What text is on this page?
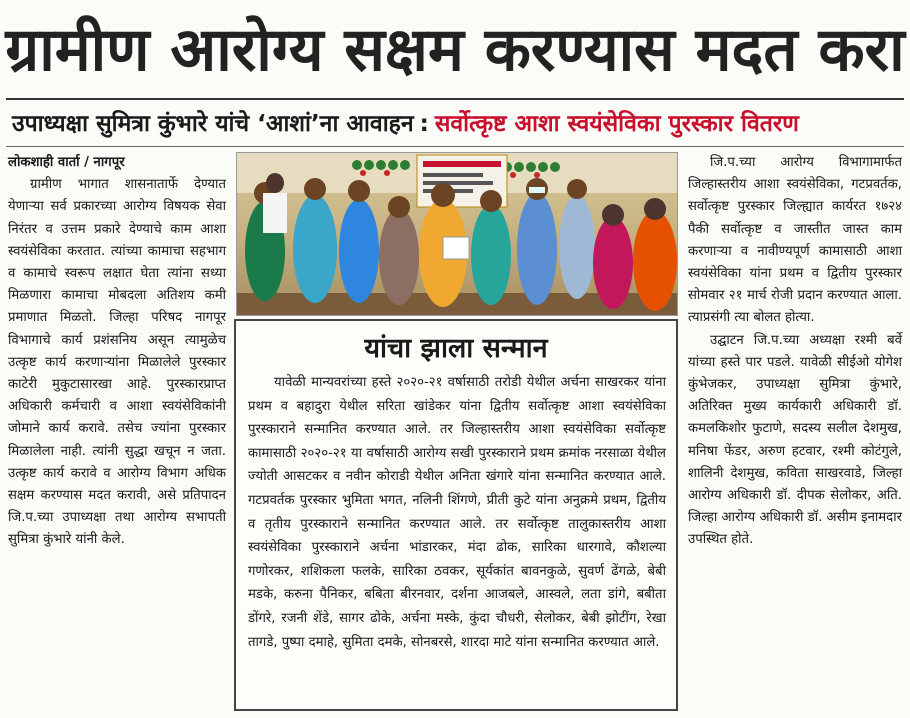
ग्रामीण आरोग्य सक्षम करण्यास मदत करा
उपाध्यक्षा सुमित्रा कुंभारे यांचे ‘आशां’ना आवाहन : सर्वोत्कृष्ट आशा स्वयंसेविका पुरस्कार वितरण

लोकशाही वार्ता / नागपूर

ग्रामीण भागात शासनातार्फे देण्यात येणाऱ्या सर्व प्रकारच्या आरोग्य विषयक सेवा निरंतर व उत्तम प्रकारे देण्याचे काम आशा स्वयंसेविका करतात. त्यांच्या कामाचा सहभाग व कामाचे स्वरूप लक्षात घेता त्यांना सध्या मिळणारा कामाचा मोबदला अतिशय कमी प्रमाणात मिळतो. जिल्हा परिषद नागपूर विभागाचे कार्य प्रशंसनिय असून त्यामुळेच उत्कृष्ट कार्य करणाऱ्यांना मिळालेले पुरस्कार काटेरी मुकुटासारखा आहे. पुरस्कारप्राप्त अधिकारी कर्मचारी व आशा स्वयंसेविकांनी जोमाने कार्य करावे. तसेच ज्यांना पुरस्कार मिळालेला नाही. त्यांनी सुद्धा खचून न जता. उत्कृष्ट कार्य करावे व आरोग्य विभाग अधिक सक्षम करण्यास मदत करावी, असे प्रतिपादन जि.प.च्या उपाध्यक्षा तथा आरोग्य सभापती सुमित्रा कुंभारे यांनी केले.

यांचा झाला सन्मान

यावेळी मान्यवरांच्या हस्ते २०२०-२१ वर्षासाठी तरोडी येथील अर्चना साखरकर यांना प्रथम व बहादुरा येथील सरिता खांडेकर यांना द्वितीय सर्वोत्कृष्ट आशा स्वयंसेविका पुरस्काराने सन्मानित करण्यात आले. तर जिल्हास्तरीय आशा स्वयंसेविका सर्वोत्कृष्ट कामासाठी २०२०-२१ या वर्षासाठी आरोग्य सखी पुरस्काराने प्रथम क्रमांक नरसाळा येथील ज्योती आसटकर व नवीन कोराडी येथील अनिता खंगारे यांना सन्मानित करण्यात आले. गटप्रवर्तक पुरस्कार भुमिता भगत, नलिनी शिंगणे, प्रीती कुटे यांना अनुक्रमे प्रथम, द्वितीय व तृतीय पुरस्काराने सन्मानित करण्यात आले. तर सर्वोत्कृष्ट तालुकास्तरीय आशा स्वयंसेविका पुरस्काराने अर्चना भांडारकर, मंदा ढोक, सारिका धारगावे, कौशल्या गणोरकर, शशिकला फलके, सारिका ठवकर, सूर्यकांत बावनकुळे, सुवर्ण ढेंगळे, बेबी मडके, करुना पैनिकर, बबिता बीरनवार, दर्शना आजबले, आस्वले, लता डांगे, बबीता डोंगरे, रजनी शेंडे, सागर ढोके, अर्चना मस्के, कुंदा चौधरी, सेलोकर, बेबी झोटींग, रेखा तागडे, पुष्पा दमाहे, सुमिता दमके, सोनबरसे, शारदा माटे यांना सन्मानित करण्यात आले.

जि.प.च्या आरोग्य विभागामार्फत जिल्हास्तरीय आशा स्वयंसेविका, गटप्रवर्तक, सर्वोत्कृष्ट पुरस्कार जिल्ह्यात कार्यरत १७२४ पैकी सर्वोत्कृष्ट व जास्तीत जास्त काम करणाऱ्या व नावीण्यपूर्ण कामासाठी आशा स्वयंसेविका यांना प्रथम व द्वितीय पुरस्कार सोमवार २१ मार्च रोजी प्रदान करण्यात आला. त्याप्रसंगी त्या बोलत होत्या.

उद्घाटन जि.प.च्या अध्यक्षा रश्मी बर्वे यांच्या हस्ते पार पडले. यावेळी सीईओ योगेश कुंभेजकर, उपाध्यक्षा सुमित्रा कुंभारे, अतिरिक्त मुख्य कार्यकारी अधिकारी डॉ. कमलकिशोर फुटाणे, सदस्य सलील देशमुख, मनिषा फेंडर, अरुण हटवार, रश्मी कोटंगुले, शालिनी देशमुख, कविता साखरवाडे, जिल्हा आरोग्य अधिकारी डॉ. दीपक सेलोकर, अति. जिल्हा आरोग्य अधिकारी डॉ. असीम इनामदार उपस्थित होते.
